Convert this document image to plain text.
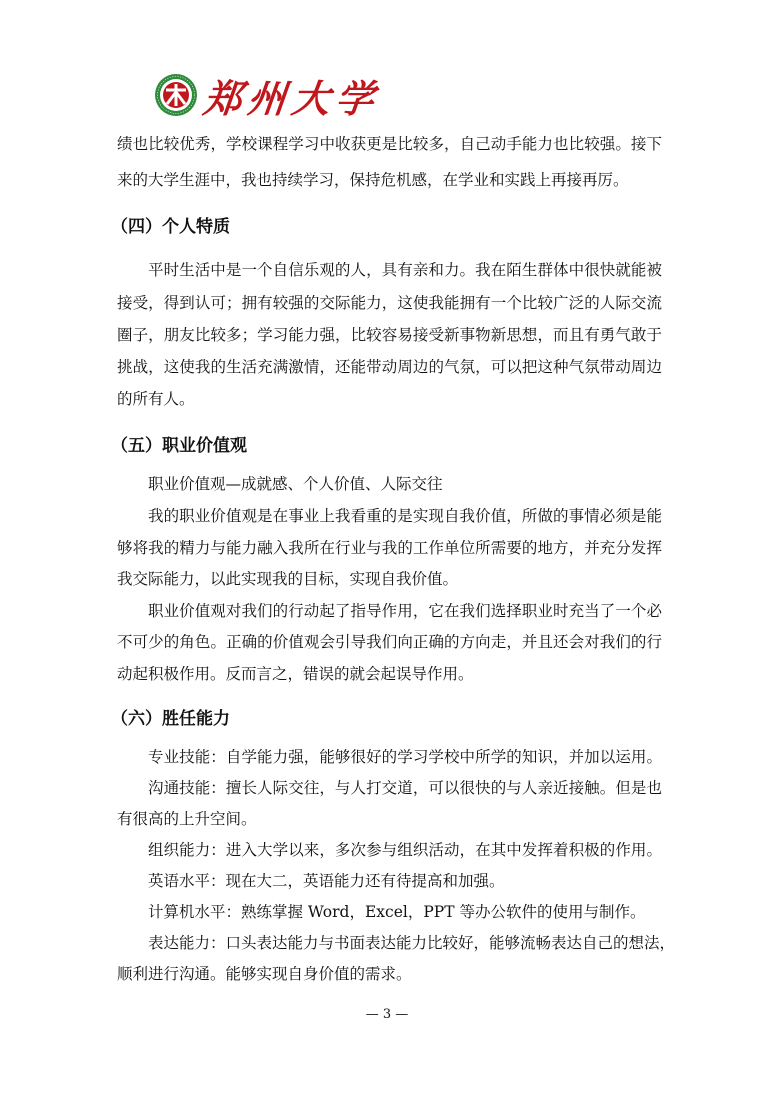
郑州大学
绩也比较优秀，学校课程学习中收获更是比较多，自己动手能力也比较强。接下
来的大学生涯中，我也持续学习，保持危机感，在学业和实践上再接再厉。
（四）个人特质
平时生活中是一个自信乐观的人，具有亲和力。我在陌生群体中很快就能被
接受，得到认可；拥有较强的交际能力，这使我能拥有一个比较广泛的人际交流
圈子，朋友比较多；学习能力强，比较容易接受新事物新思想，而且有勇气敢于
挑战，这使我的生活充满激情，还能带动周边的气氛，可以把这种气氛带动周边
的所有人。
（五）职业价值观
职业价值观—成就感、个人价值、人际交往
我的职业价值观是在事业上我看重的是实现自我价值，所做的事情必须是能
够将我的精力与能力融入我所在行业与我的工作单位所需要的地方，并充分发挥
我交际能力，以此实现我的目标，实现自我价值。
职业价值观对我们的行动起了指导作用，它在我们选择职业时充当了一个必
不可少的角色。正确的价值观会引导我们向正确的方向走，并且还会对我们的行
动起积极作用。反而言之，错误的就会起误导作用。
（六）胜任能力
专业技能：自学能力强，能够很好的学习学校中所学的知识，并加以运用。
沟通技能：擅长人际交往，与人打交道，可以很快的与人亲近接触。但是也
有很高的上升空间。
组织能力：进入大学以来，多次参与组织活动，在其中发挥着积极的作用。
英语水平：现在大二，英语能力还有待提高和加强。
计算机水平：熟练掌握 Word，Excel，PPT 等办公软件的使用与制作。
表达能力：口头表达能力与书面表达能力比较好，能够流畅表达自己的想法，
顺利进行沟通。能够实现自身价值的需求。
— 3 —
